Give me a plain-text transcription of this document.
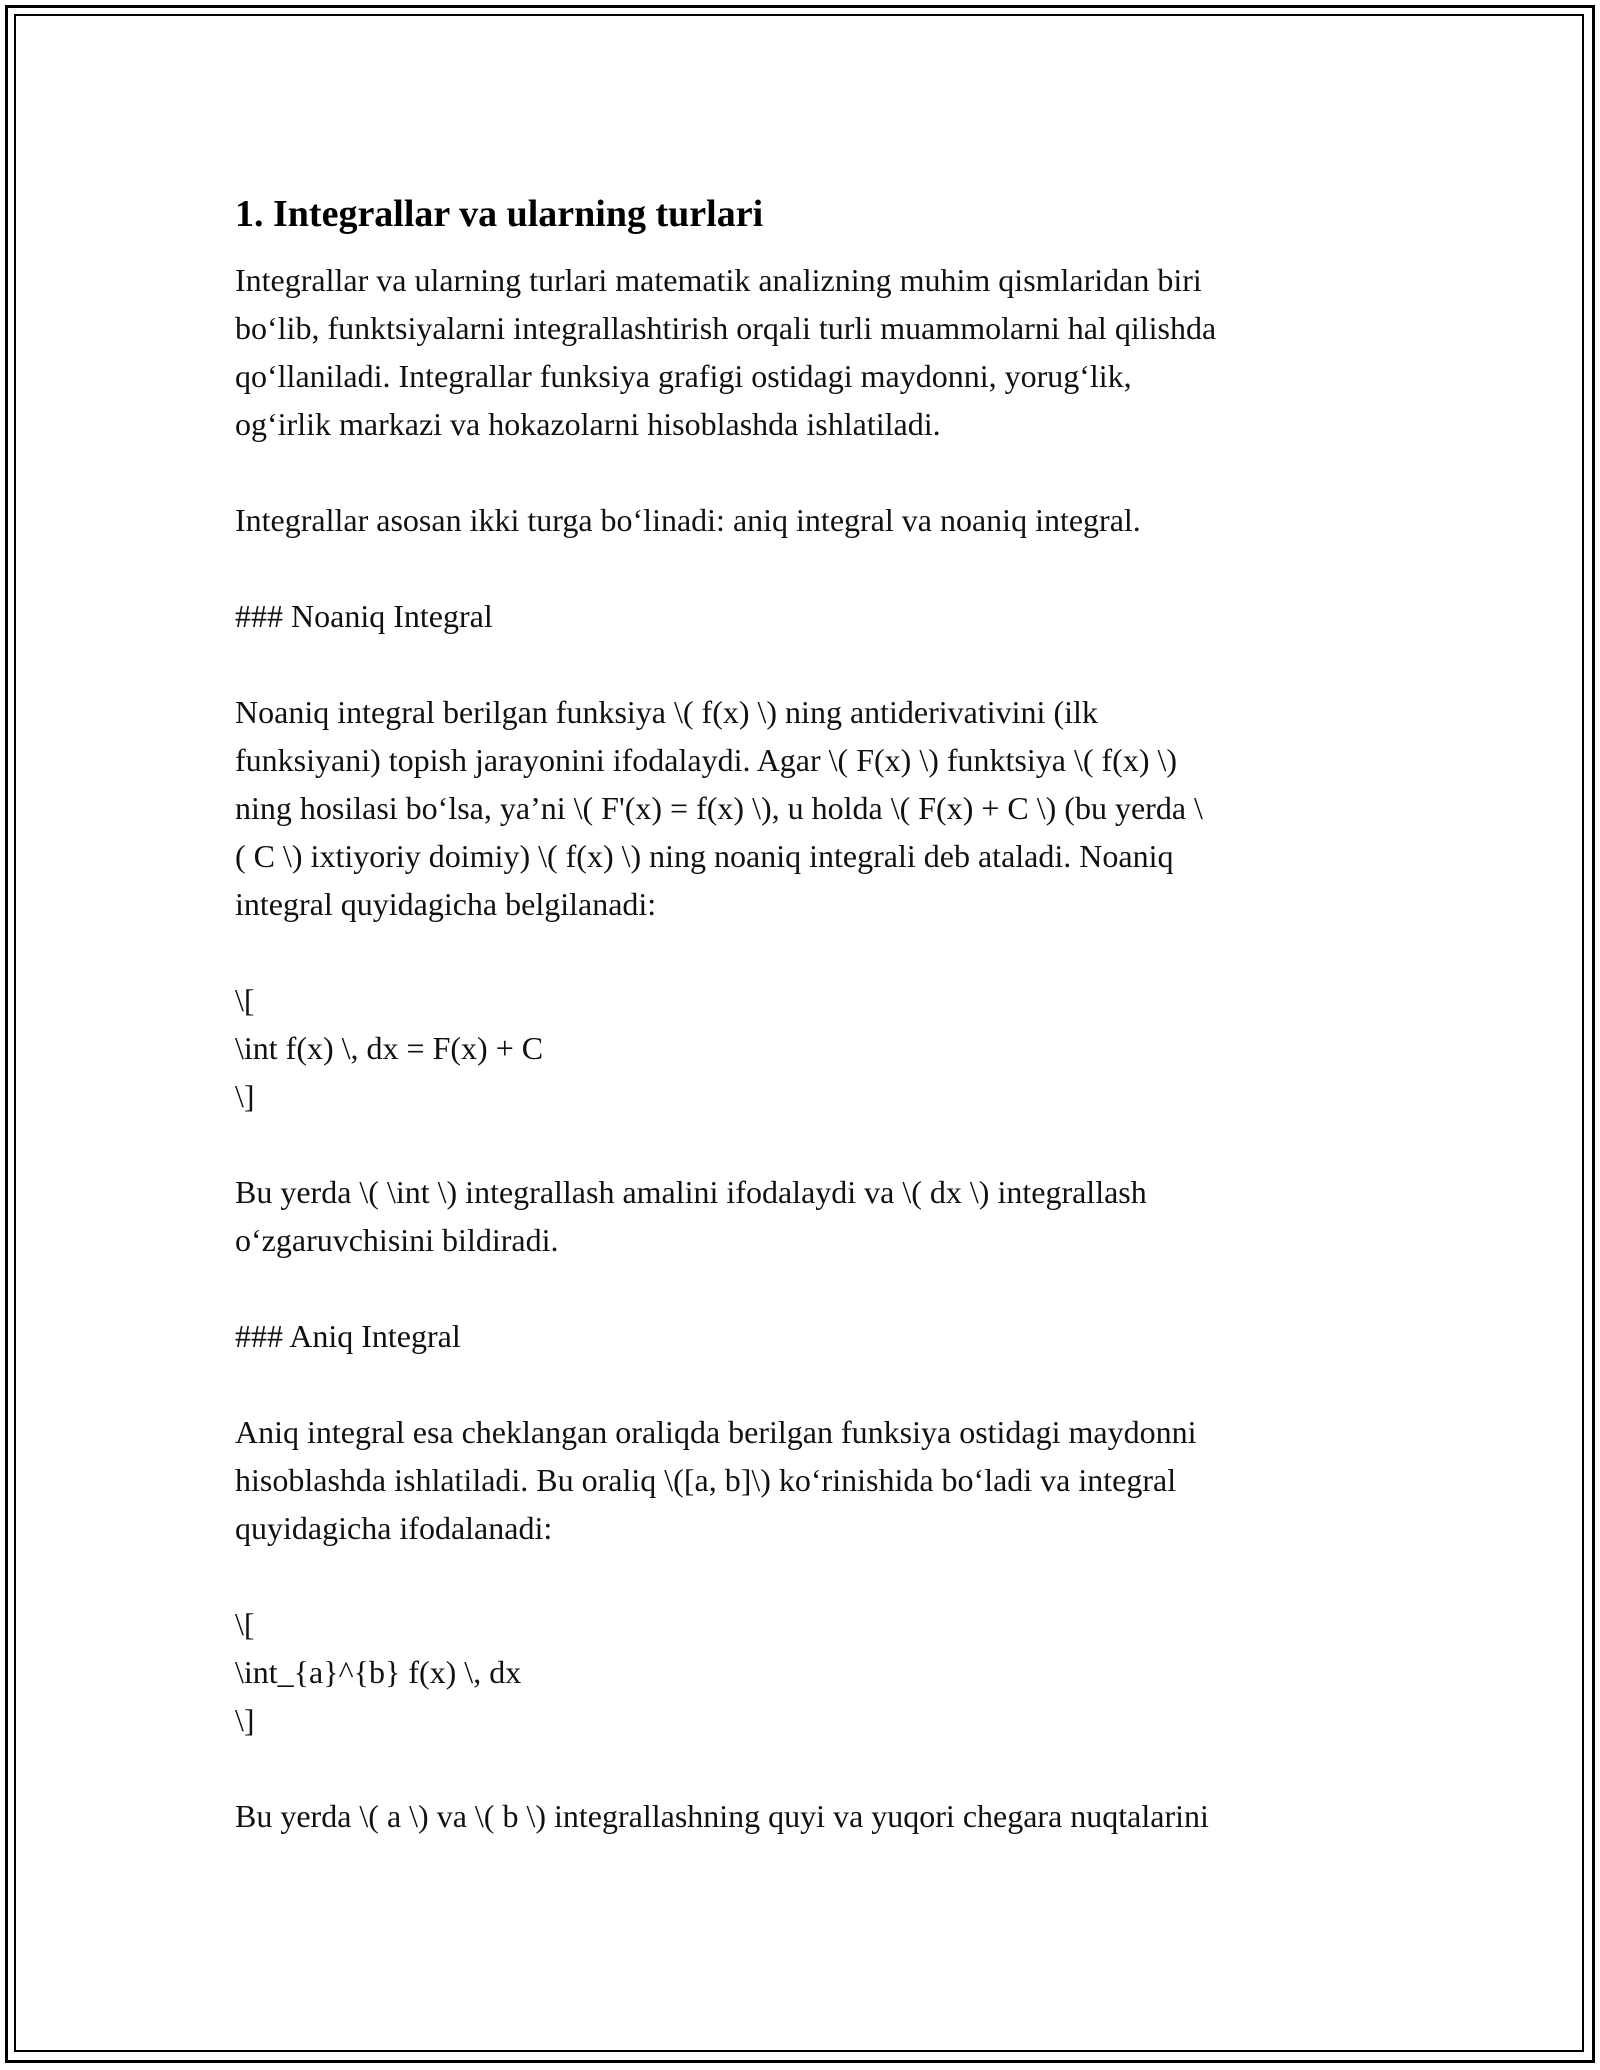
1. Integrallar va ularning turlari

Integrallar va ularning turlari matematik analizning muhim qismlaridan biri
bo‘lib, funktsiyalarni integrallashtirish orqali turli muammolarni hal qilishda
qo‘llaniladi. Integrallar funksiya grafigi ostidagi maydonni, yorug‘lik,
og‘irlik markazi va hokazolarni hisoblashda ishlatiladi.

Integrallar asosan ikki turga bo‘linadi: aniq integral va noaniq integral.

### Noaniq Integral

Noaniq integral berilgan funksiya \( f(x) \) ning antiderivativini (ilk
funksiyani) topish jarayonini ifodalaydi. Agar \( F(x) \) funktsiya \( f(x) \)
ning hosilasi bo‘lsa, ya’ni \( F'(x) = f(x) \), u holda \( F(x) + C \) (bu yerda \
( C \) ixtiyoriy doimiy) \( f(x) \) ning noaniq integrali deb ataladi. Noaniq
integral quyidagicha belgilanadi:

\[
\int f(x) \, dx = F(x) + C
\]

Bu yerda \( \int \) integrallash amalini ifodalaydi va \( dx \) integrallash
o‘zgaruvchisini bildiradi.

### Aniq Integral

Aniq integral esa cheklangan oraliqda berilgan funksiya ostidagi maydonni
hisoblashda ishlatiladi. Bu oraliq \([a, b]\) ko‘rinishida bo‘ladi va integral
quyidagicha ifodalanadi:

\[
\int_{a}^{b} f(x) \, dx
\]

Bu yerda \( a \) va \( b \) integrallashning quyi va yuqori chegara nuqtalarini
